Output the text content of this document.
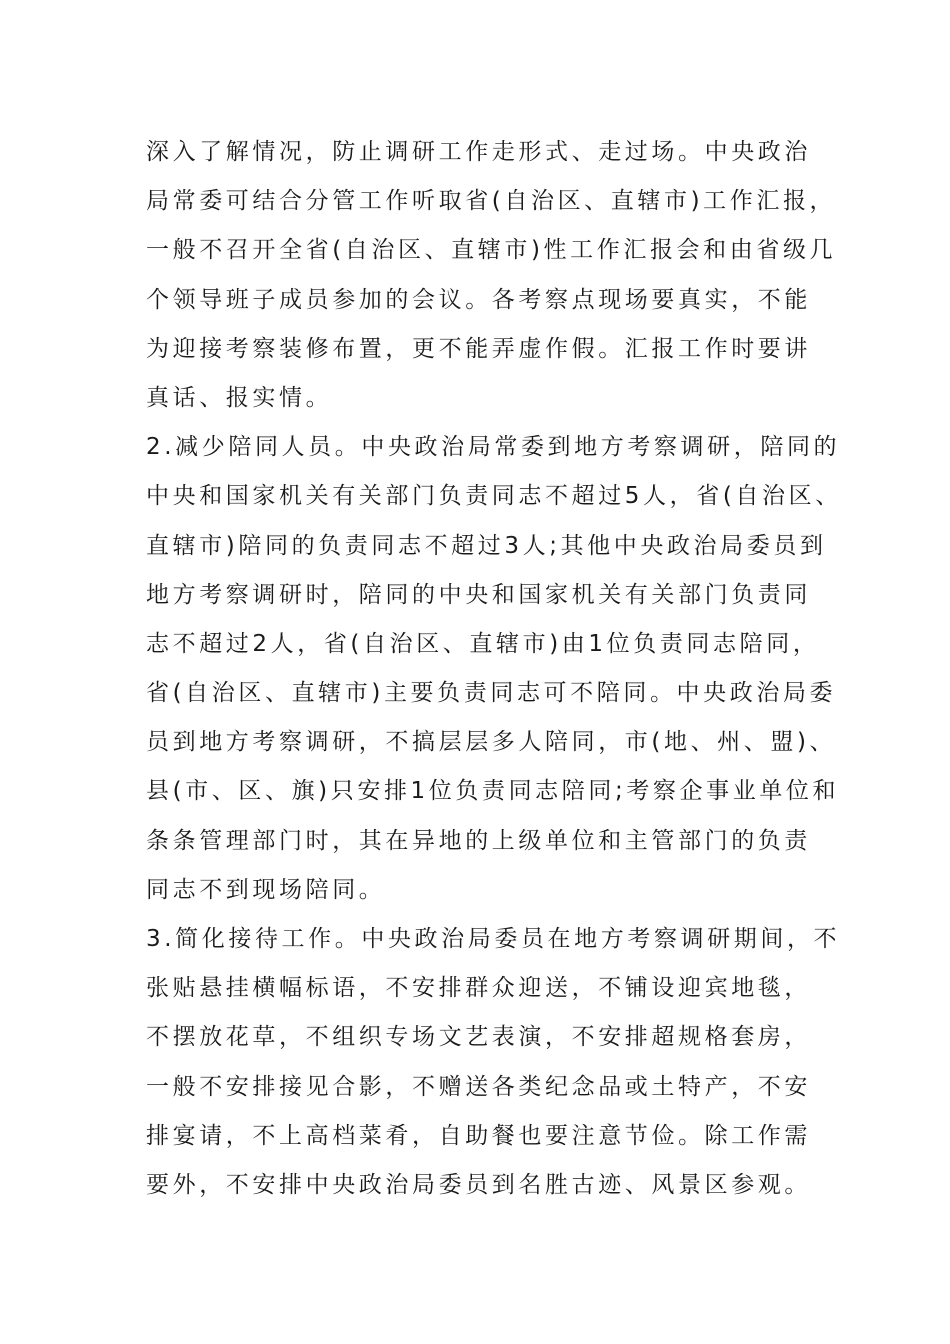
深入了解情况，防止调研工作走形式、走过场。中央政治
局常委可结合分管工作听取省(自治区、直辖市)工作汇报，
一般不召开全省(自治区、直辖市)性工作汇报会和由省级几
个领导班子成员参加的会议。各考察点现场要真实，不能
为迎接考察装修布置，更不能弄虚作假。汇报工作时要讲
真话、报实情。
2.减少陪同人员。中央政治局常委到地方考察调研，陪同的
中央和国家机关有关部门负责同志不超过5人，省(自治区、
直辖市)陪同的负责同志不超过3人;其他中央政治局委员到
地方考察调研时，陪同的中央和国家机关有关部门负责同
志不超过2人，省(自治区、直辖市)由1位负责同志陪同，
省(自治区、直辖市)主要负责同志可不陪同。中央政治局委
员到地方考察调研，不搞层层多人陪同，市(地、州、盟)、
县(市、区、旗)只安排1位负责同志陪同;考察企事业单位和
条条管理部门时，其在异地的上级单位和主管部门的负责
同志不到现场陪同。
3.简化接待工作。中央政治局委员在地方考察调研期间，不
张贴悬挂横幅标语，不安排群众迎送，不铺设迎宾地毯，
不摆放花草，不组织专场文艺表演，不安排超规格套房，
一般不安排接见合影，不赠送各类纪念品或土特产，不安
排宴请，不上高档菜肴，自助餐也要注意节俭。除工作需
要外，不安排中央政治局委员到名胜古迹、风景区参观。
